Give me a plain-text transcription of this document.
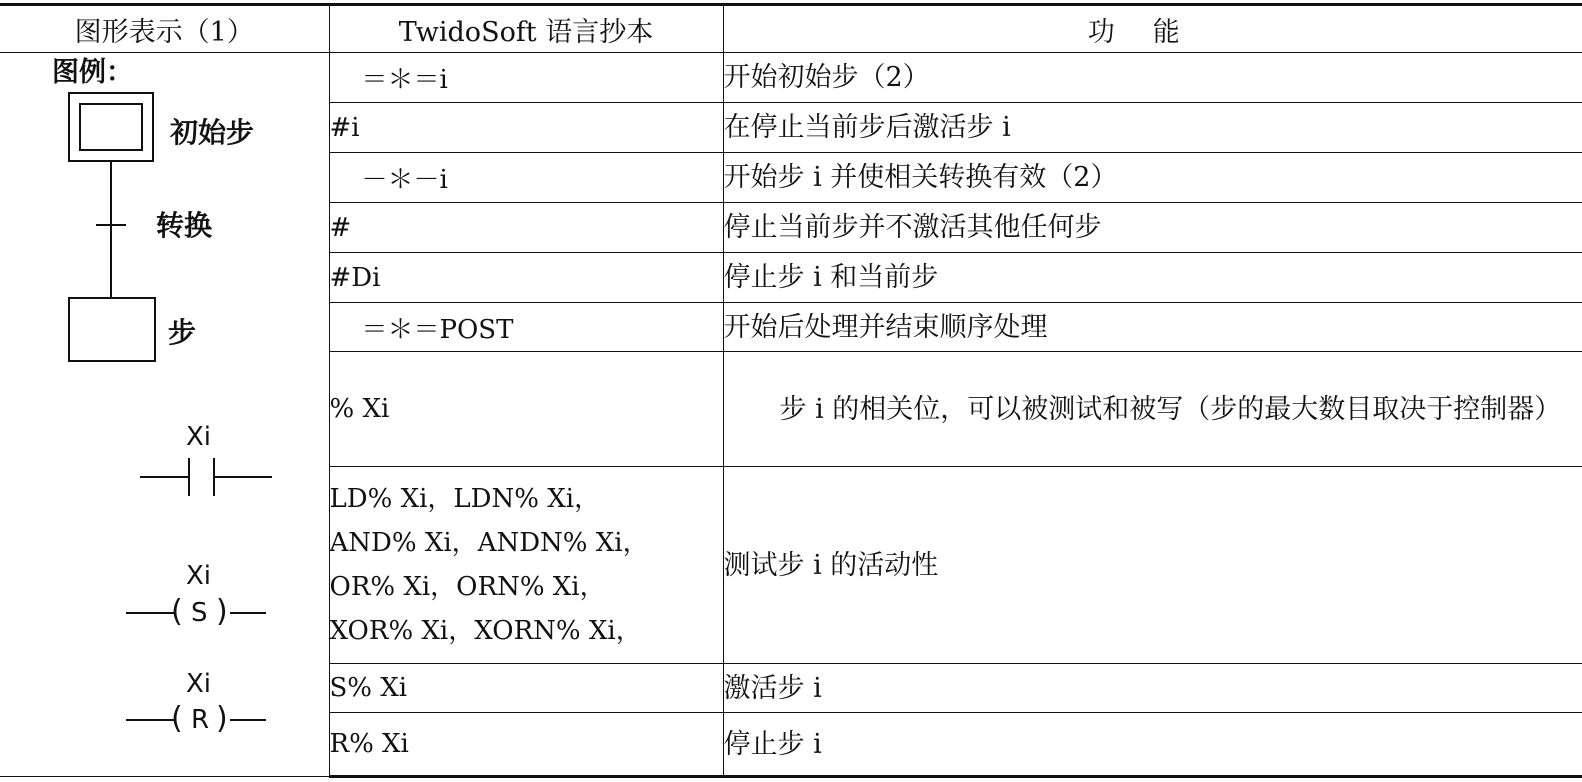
图形表示（1）	TwidoSoft 语言抄本	功能
	＝＊＝i	开始初始步（2）
	#i	在停止当前步后激活步 i
	－＊－i	开始步 i 并使相关转换有效（2）
	#	停止当前步并不激活其他任何步
	#Di	停止步 i 和当前步
	＝＊＝POST	开始后处理并结束顺序处理
	% Xi	步 i 的相关位，可以被测试和被写（步的最大数目取决于控制器）

	LD% Xi，LDN% Xi，
AND% Xi，ANDN% Xi，
OR% Xi，ORN% Xi，
XOR% Xi，XORN% Xi，	测试步 i 的活动性
	S% Xi	激活步 i
	R% Xi	停止步 i
图例：
初始步
转换
步
Xi
Xi
( S )
Xi
( R )
